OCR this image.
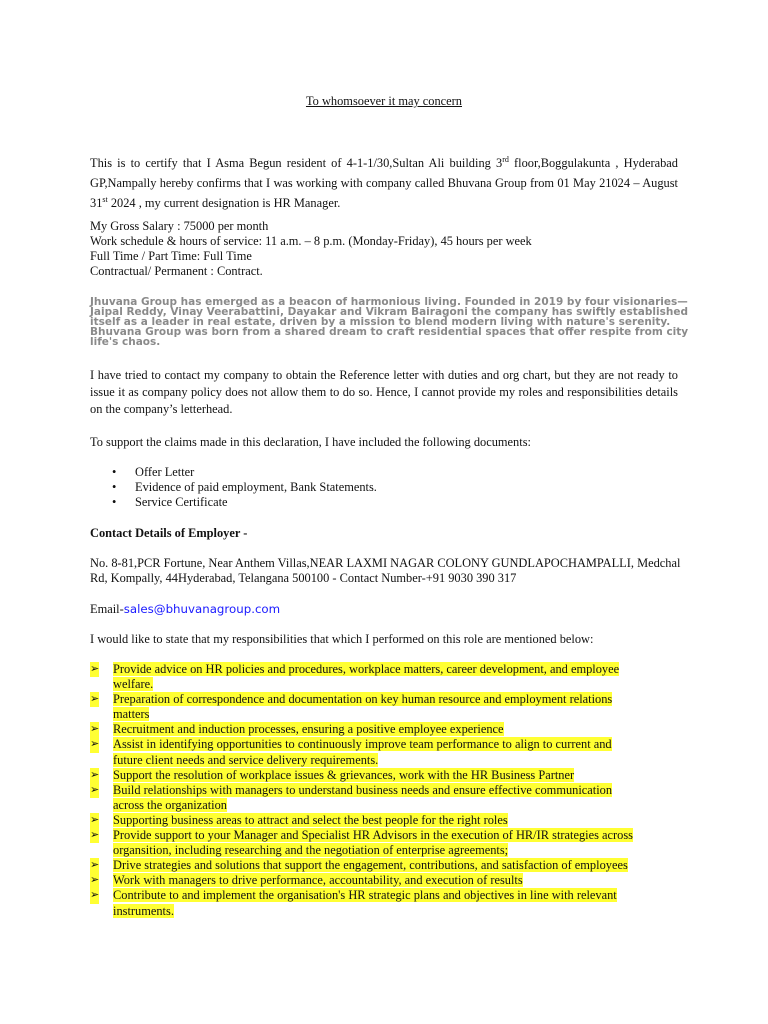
To whomsoever it may concern
This is to certify that I Asma Begun resident of 4-1-1/30,Sultan Ali building 3rd floor,Boggulakunta , Hyderabad GP,Nampally hereby confirms that I was working with company called Bhuvana Group from 01 May 21024 – August 31st 2024 , my current designation is HR Manager.
My Gross Salary : 75000 per month
Work schedule & hours of service: 11 a.m. – 8 p.m. (Monday-Friday), 45 hours per week
Full Time / Part Time: Full Time
Contractual/ Permanent : Contract.
Jhuvana Group has emerged as a beacon of harmonious living. Founded in 2019 by four visionaries—
Jaipal Reddy, Vinay Veerabattini, Dayakar and Vikram Bairagoni the company has swiftly established
itself as a leader in real estate, driven by a mission to blend modern living with nature's serenity.
Bhuvana Group was born from a shared dream to craft residential spaces that offer respite from city
life's chaos.
I have tried to contact my company to obtain the Reference letter with duties and org chart, but they are not ready to issue it as company policy does not allow them to do so. Hence, I cannot provide my roles and responsibilities details on the company’s letterhead.
To support the claims made in this declaration, I have included the following documents:
• Offer Letter
• Evidence of paid employment, Bank Statements.
• Service Certificate
Contact Details of Employer -
No. 8-81,PCR Fortune, Near Anthem Villas,NEAR LAXMI NAGAR COLONY GUNDLAPOCHAMPALLI, Medchal
Rd, Kompally, 44Hyderabad, Telangana 500100 - Contact Number-+91 9030 390 317
Email-sales@bhuvanagroup.com
I would like to state that my responsibilities that which I performed on this role are mentioned below:
➢ Provide advice on HR policies and procedures, workplace matters, career development, and employee
welfare.
➢ Preparation of correspondence and documentation on key human resource and employment relations
matters
➢ Recruitment and induction processes, ensuring a positive employee experience
➢ Assist in identifying opportunities to continuously improve team performance to align to current and
future client needs and service delivery requirements.
➢ Support the resolution of workplace issues & grievances, work with the HR Business Partner
➢ Build relationships with managers to understand business needs and ensure effective communication
across the organization
➢ Supporting business areas to attract and select the best people for the right roles
➢ Provide support to your Manager and Specialist HR Advisors in the execution of HR/IR strategies across
organsition, including researching and the negotiation of enterprise agreements;
➢ Drive strategies and solutions that support the engagement, contributions, and satisfaction of employees
➢ Work with managers to drive performance, accountability, and execution of results
➢ Contribute to and implement the organisation's HR strategic plans and objectives in line with relevant
instruments.
